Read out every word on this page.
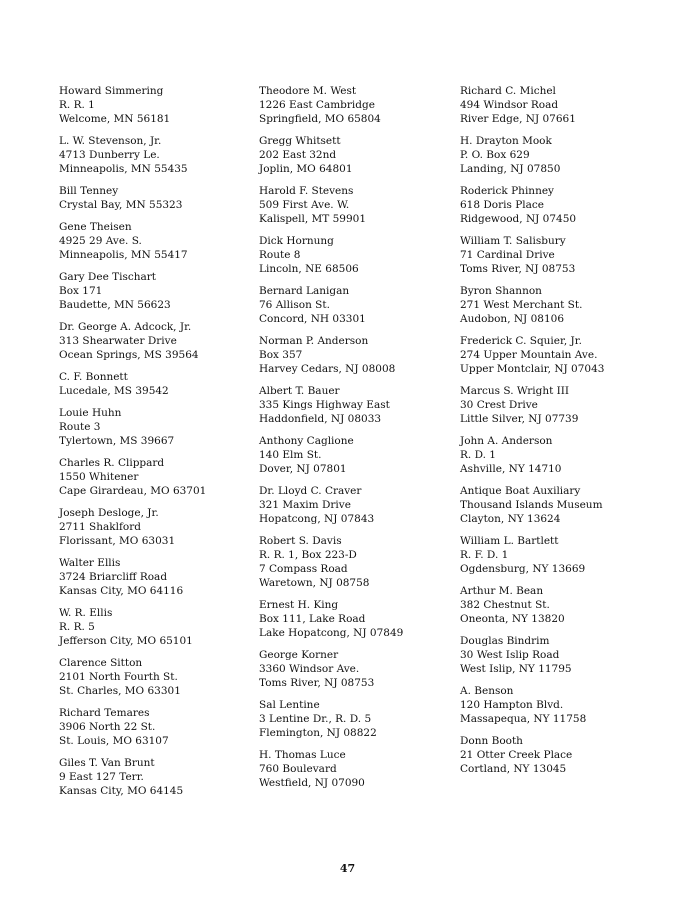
Howard Simmering
R. R. 1
Welcome, MN 56181
L. W. Stevenson, Jr.
4713 Dunberry Le.
Minneapolis, MN 55435
Bill Tenney
Crystal Bay, MN 55323
Gene Theisen
4925 29 Ave. S.
Minneapolis, MN 55417
Gary Dee Tischart
Box 171
Baudette, MN 56623
Dr. George A. Adcock, Jr.
313 Shearwater Drive
Ocean Springs, MS 39564
C. F. Bonnett
Lucedale, MS 39542
Louie Huhn
Route 3
Tylertown, MS 39667
Charles R. Clippard
1550 Whitener
Cape Girardeau, MO 63701
Joseph Desloge, Jr.
2711 Shaklford
Florissant, MO 63031
Walter Ellis
3724 Briarcliff Road
Kansas City, MO 64116
W. R. Ellis
R. R. 5
Jefferson City, MO 65101
Clarence Sitton
2101 North Fourth St.
St. Charles, MO 63301
Richard Temares
3906 North 22 St.
St. Louis, MO 63107
Giles T. Van Brunt
9 East 127 Terr.
Kansas City, MO 64145
Theodore M. West
1226 East Cambridge
Springfield, MO 65804
Gregg Whitsett
202 East 32nd
Joplin, MO 64801
Harold F. Stevens
509 First Ave. W.
Kalispell, MT 59901
Dick Hornung
Route 8
Lincoln, NE 68506
Bernard Lanigan
76 Allison St.
Concord, NH 03301
Norman P. Anderson
Box 357
Harvey Cedars, NJ 08008
Albert T. Bauer
335 Kings Highway East
Haddonfield, NJ 08033
Anthony Caglione
140 Elm St.
Dover, NJ 07801
Dr. Lloyd C. Craver
321 Maxim Drive
Hopatcong, NJ 07843
Robert S. Davis
R. R. 1, Box 223-D
7 Compass Road
Waretown, NJ 08758
Ernest H. King
Box 111, Lake Road
Lake Hopatcong, NJ 07849
George Korner
3360 Windsor Ave.
Toms River, NJ 08753
Sal Lentine
3 Lentine Dr., R. D. 5
Flemington, NJ 08822
H. Thomas Luce
760 Boulevard
Westfield, NJ 07090
Richard C. Michel
494 Windsor Road
River Edge, NJ 07661
H. Drayton Mook
P. O. Box 629
Landing, NJ 07850
Roderick Phinney
618 Doris Place
Ridgewood, NJ 07450
William T. Salisbury
71 Cardinal Drive
Toms River, NJ 08753
Byron Shannon
271 West Merchant St.
Audobon, NJ 08106
Frederick C. Squier, Jr.
274 Upper Mountain Ave.
Upper Montclair, NJ 07043
Marcus S. Wright III
30 Crest Drive
Little Silver, NJ 07739
John A. Anderson
R. D. 1
Ashville, NY 14710
Antique Boat Auxiliary
Thousand Islands Museum
Clayton, NY 13624
William L. Bartlett
R. F. D. 1
Ogdensburg, NY 13669
Arthur M. Bean
382 Chestnut St.
Oneonta, NY 13820
Douglas Bindrim
30 West Islip Road
West Islip, NY 11795
A. Benson
120 Hampton Blvd.
Massapequa, NY 11758
Donn Booth
21 Otter Creek Place
Cortland, NY 13045
47
